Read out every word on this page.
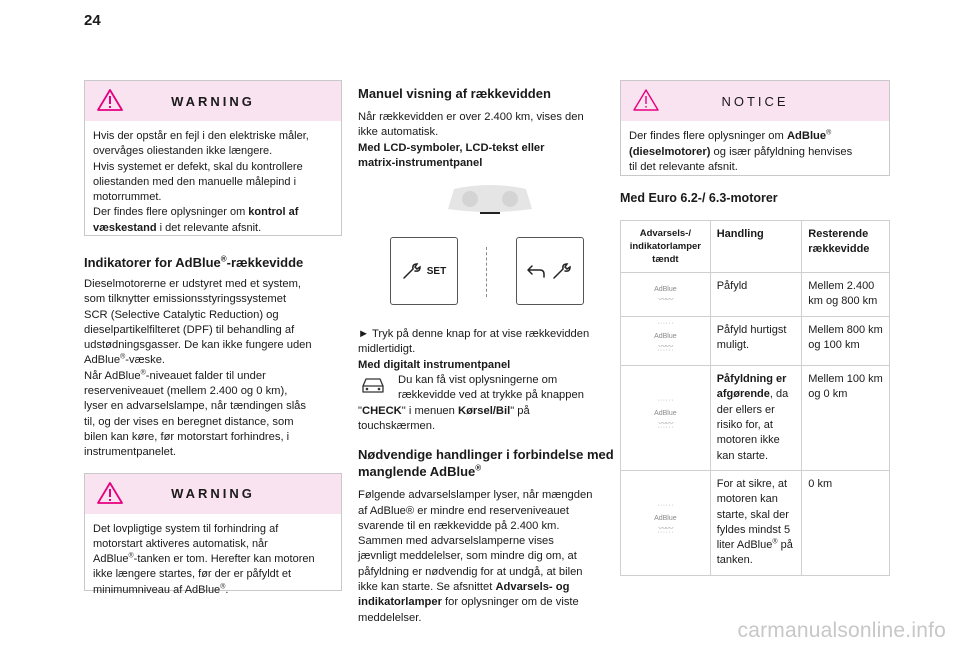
24
WARNING
Hvis der opstår en fejl i den elektriske måler,
overvåges oliestanden ikke længere.
Hvis systemet er defekt, skal du kontrollere
oliestanden med den manuelle målepind i
motorrummet.
Der findes flere oplysninger om kontrol af
væskestand i det relevante afsnit.
Indikatorer for AdBlue®-rækkevidde
Dieselmotorerne er udstyret med et system,
som tilknytter emissionsstyringssystemet
SCR (Selective Catalytic Reduction) og
dieselpartikelfilteret (DPF) til behandling af
udstødningsgasser. De kan ikke fungere uden
AdBlue®-væske.
Når AdBlue®-niveauet falder til under
reserveniveauet (mellem 2.400 og 0 km),
lyser en advarselslampe, når tændingen slås
til, og der vises en beregnet distance, som
bilen kan køre, før motorstart forhindres, i
instrumentpanelet.
WARNING
Det lovpligtige system til forhindring af
motorstart aktiveres automatisk, når
AdBlue®-tanken er tom. Herefter kan motoren
ikke længere startes, før der er påfyldt et
minimumniveau af AdBlue®.
Manuel visning af rækkevidden
Når rækkevidden er over 2.400 km, vises den
ikke automatisk.
Med LCD-symboler, LCD-tekst eller
matrix-instrumentpanel
SET
► Tryk på denne knap for at vise rækkevidden
midlertidigt.
Med digitalt instrumentpanel
Du kan få vist oplysningerne om
rækkevidde ved at trykke på knappen
"CHECK" i menuen Kørsel/Bil" på
touchskærmen.
Nødvendige handlinger i forbindelse med
manglende AdBlue®
Følgende advarselslamper lyser, når mængden
af AdBlue® er mindre end reserveniveauet
svarende til en rækkevidde på 2.400 km.
Sammen med advarselslamperne vises
jævnligt meddelelser, som mindre dig om, at
påfyldning er nødvendig for at undgå, at bilen
ikke kan starte. Se afsnittet Advarsels- og
indikatorlamper for oplysninger om de viste
meddelelser.
NOTICE
Der findes flere oplysninger om AdBlue®
(dieselmotorer) og især påfyldning henvises
til det relevante afsnit.
Med Euro 6.2-/ 6.3-motorer
Advarsels-/ indikatorlamper tændt	Handling	Resterende rækkevidde
AdBlue
〰〰	Påfyld	Mellem 2.400 km og 800 km

' ' ' ' ' '
AdBlue
〰〰
' ' ' ' ' '	Påfyld hurtigst muligt.	Mellem 800 km og 100 km

' ' ' ' ' '
AdBlue
〰〰
' ' ' ' ' '	Påfyldning er afgørende, da der ellers er risiko for, at motoren ikke kan starte.	Mellem 100 km og 0 km

' ' ' ' ' '
AdBlue
〰〰
' ' ' ' ' '	For at sikre, at motoren kan starte, skal der fyldes mindst 5 liter AdBlue® på tanken.	0 km
carmanualsonline.info
